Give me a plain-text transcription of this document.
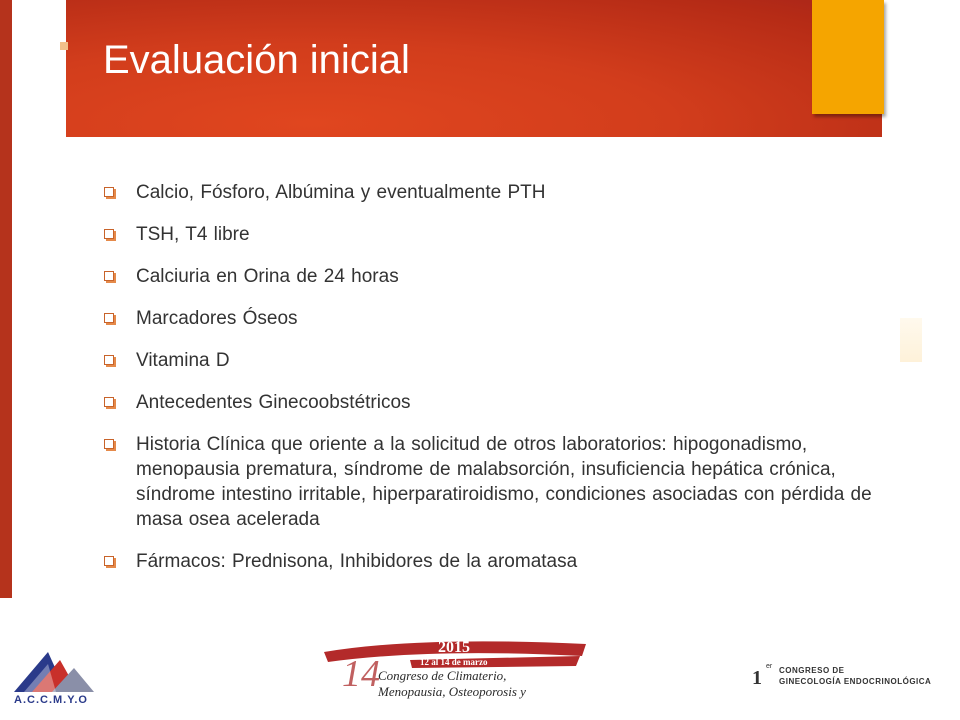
Evaluación inicial
Calcio, Fósforo, Albúmina y eventualmente PTH
TSH, T4 libre
Calciuria en Orina de 24 horas
Marcadores Óseos
Vitamina D
Antecedentes Ginecoobstétricos
Historia Clínica que oriente a la solicitud de otros laboratorios: hipogonadismo, menopausia prematura, síndrome de malabsorción, insuficiencia hepática crónica, síndrome intestino irritable, hiperparatiroidismo, condiciones asociadas con pérdida de masa osea acelerada
Fármacos: Prednisona, Inhibidores de la aromatasa
A.C.C.M.Y.O
14
2015
12 al 14 de marzo
Congreso de Climaterio,
Menopausia, Osteoporosis y
1
er CONGRESO DE
GINECOLOGÍA ENDOCRINOLÓGICA
